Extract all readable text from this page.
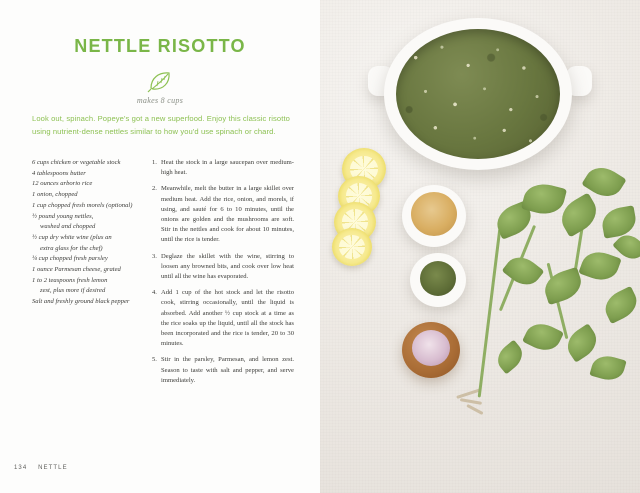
NETTLE RISOTTO
makes 8 cups
Look out, spinach. Popeye's got a new superfood. Enjoy this classic risotto using nutrient-dense nettles similar to how you'd use spinach or chard.
6 cups chicken or vegetable stock
4 tablespoons butter
12 ounces arborio rice
1 onion, chopped
1 cup chopped fresh morels (optional)
½ pound young nettles,
washed and chopped
½ cup dry white wine (plus an
extra glass for the chef)
¼ cup chopped fresh parsley
1 ounce Parmesan cheese, grated
1 to 2 teaspoons fresh lemon
zest, plus more if desired
Salt and freshly ground black pepper
1. Heat the stock in a large saucepan over medium-high heat.
2. Meanwhile, melt the butter in a large skillet over medium heat. Add the rice, onion, and morels, if using, and sauté for 6 to 10 minutes, until the onions are golden and the mushrooms are soft. Stir in the nettles and cook for about 10 minutes, until the rice is tender.
3. Deglaze the skillet with the wine, stirring to loosen any browned bits, and cook over low heat until all the wine has evaporated.
4. Add 1 cup of the hot stock and let the risotto cook, stirring occasionally, until the liquid is absorbed. Add another ½ cup stock at a time as the rice soaks up the liquid, until all the stock has been incorporated and the rice is tender, 20 to 30 minutes.
5. Stir in the parsley, Parmesan, and lemon zest. Season to taste with salt and pepper, and serve immediately.
134 NETTLE
